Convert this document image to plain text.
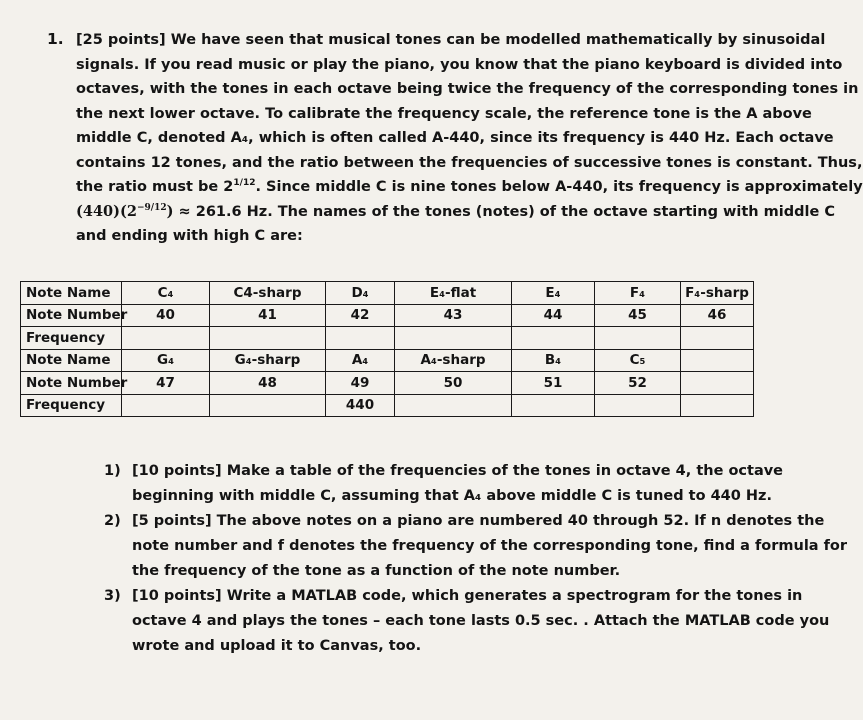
1. [25 points] We have seen that musical tones can be modelled mathematically by sinusoidal
signals. If you read music or play the piano, you know that the piano keyboard is divided into
octaves, with the tones in each octave being twice the frequency of the corresponding tones in
the next lower octave. To calibrate the frequency scale, the reference tone is the A above
middle C, denoted A₄, which is often called A-440, since its frequency is 440 Hz. Each octave
contains 12 tones, and the ratio between the frequencies of successive tones is constant. Thus,
the ratio must be $2^{1/12}$. Since middle C is nine tones below A-440, its frequency is approximately
$(440)(2^{-9/12}) \approx 261.6$ Hz. The names of the tones (notes) of the octave starting with middle C
and ending with high C are:
Note Name	C₄	C4-sharp	D₄	E₄-flat	E₄	F₄	F₄-sharp
Note Number	40	41	42	43	44	45	46
Frequency							
Note Name	G₄	G₄-sharp	A₄	A₄-sharp	B₄	C₅	
Note Number	47	48	49	50	51	52	
Frequency			440				
1) [10 points] Make a table of the frequencies of the tones in octave 4, the octave
beginning with middle C, assuming that A₄ above middle C is tuned to 440 Hz.
2) [5 points] The above notes on a piano are numbered 40 through 52. If n denotes the
note number and f denotes the frequency of the corresponding tone, find a formula for
the frequency of the tone as a function of the note number.
3) [10 points] Write a MATLAB code, which generates a spectrogram for the tones in
octave 4 and plays the tones – each tone lasts 0.5 sec. . Attach the MATLAB code you
wrote and upload it to Canvas, too.
